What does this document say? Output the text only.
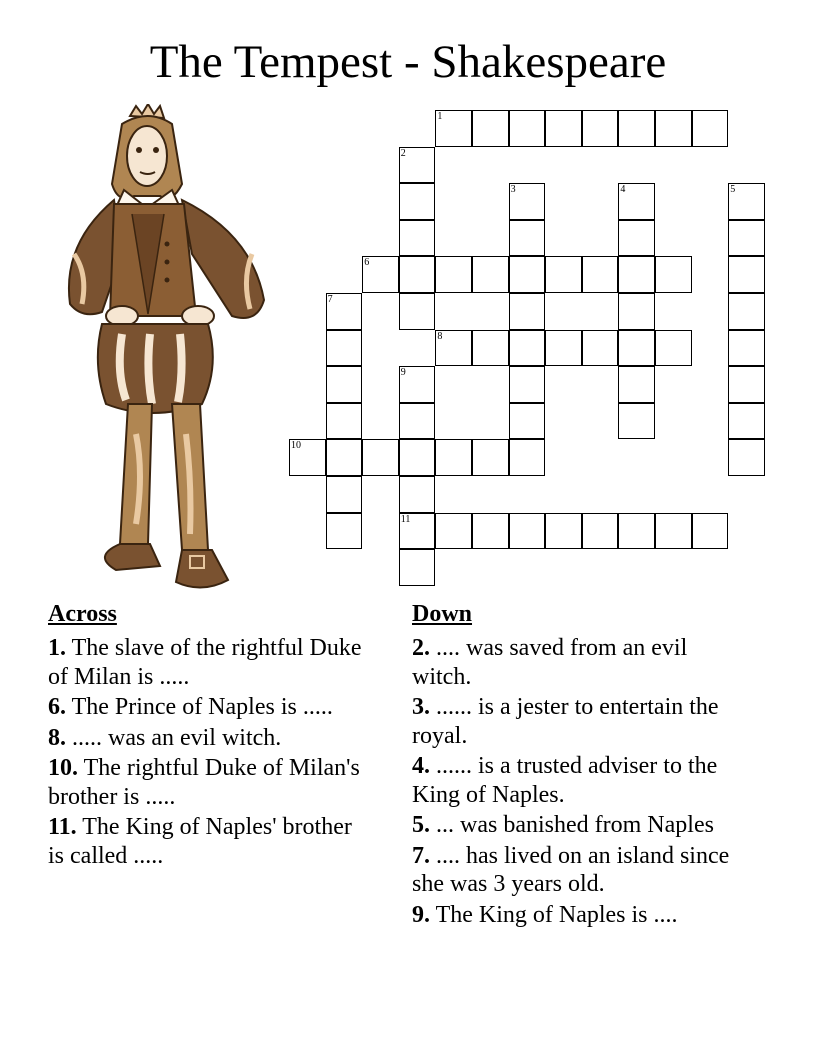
The Tempest - Shakespeare
1
2
3	4	5
6
7
8
9
10
11
Across
1. The slave of the rightful Duke of Milan is .....
6. The Prince of Naples is .....
8. ..... was an evil witch.
10. The rightful Duke of Milan's brother is .....
11. The King of Naples' brother is called .....
Down
2. .... was saved from an evil witch.
3. ...... is a jester to entertain the royal.
4. ...... is a trusted adviser to the King of Naples.
5. ... was banished from Naples
7. .... has lived on an island since she was 3 years old.
9. The King of Naples is ....
